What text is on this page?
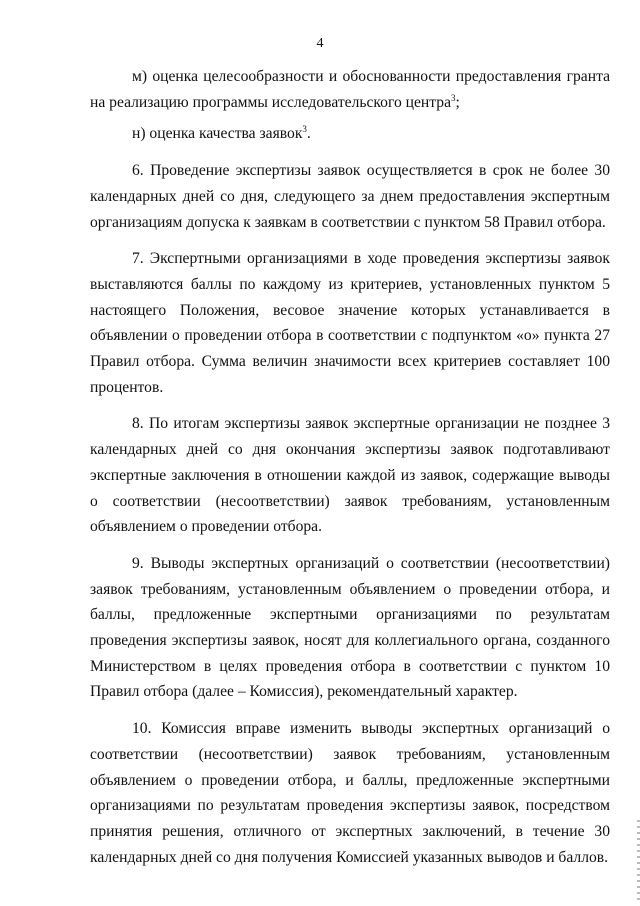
4

м) оценка целесообразности и обоснованности предоставления гранта на реализацию программы исследовательского центра$^3$;

н) оценка качества заявок$^3$.

6. Проведение экспертизы заявок осуществляется в срок не более 30 календарных дней со дня, следующего за днем предоставления экспертным организациям допуска к заявкам в соответствии с пунктом 58 Правил отбора.

7. Экспертными организациями в ходе проведения экспертизы заявок выставляются баллы по каждому из критериев, установленных пунктом 5 настоящего Положения, весовое значение которых устанавливается в объявлении о проведении отбора в соответствии с подпунктом «о» пункта 27 Правил отбора. Сумма величин значимости всех критериев составляет 100 процентов.

8. По итогам экспертизы заявок экспертные организации не позднее 3 календарных дней со дня окончания экспертизы заявок подготавливают экспертные заключения в отношении каждой из заявок, содержащие выводы о соответствии (несоответствии) заявок требованиям, установленным объявлением о проведении отбора.

9. Выводы экспертных организаций о соответствии (несоответствии) заявок требованиям, установленным объявлением о проведении отбора, и баллы, предложенные экспертными организациями по результатам проведения экспертизы заявок, носят для коллегиального органа, созданного Министерством в целях проведения отбора в соответствии с пунктом 10 Правил отбора (далее – Комиссия), рекомендательный характер.

10. Комиссия вправе изменить выводы экспертных организаций о соответствии (несоответствии) заявок требованиям, установленным объявлением о проведении отбора, и баллы, предложенные экспертными организациями по результатам проведения экспертизы заявок, посредством принятия решения, отличного от экспертных заключений, в течение 30 календарных дней со дня получения Комиссией указанных выводов и баллов.
